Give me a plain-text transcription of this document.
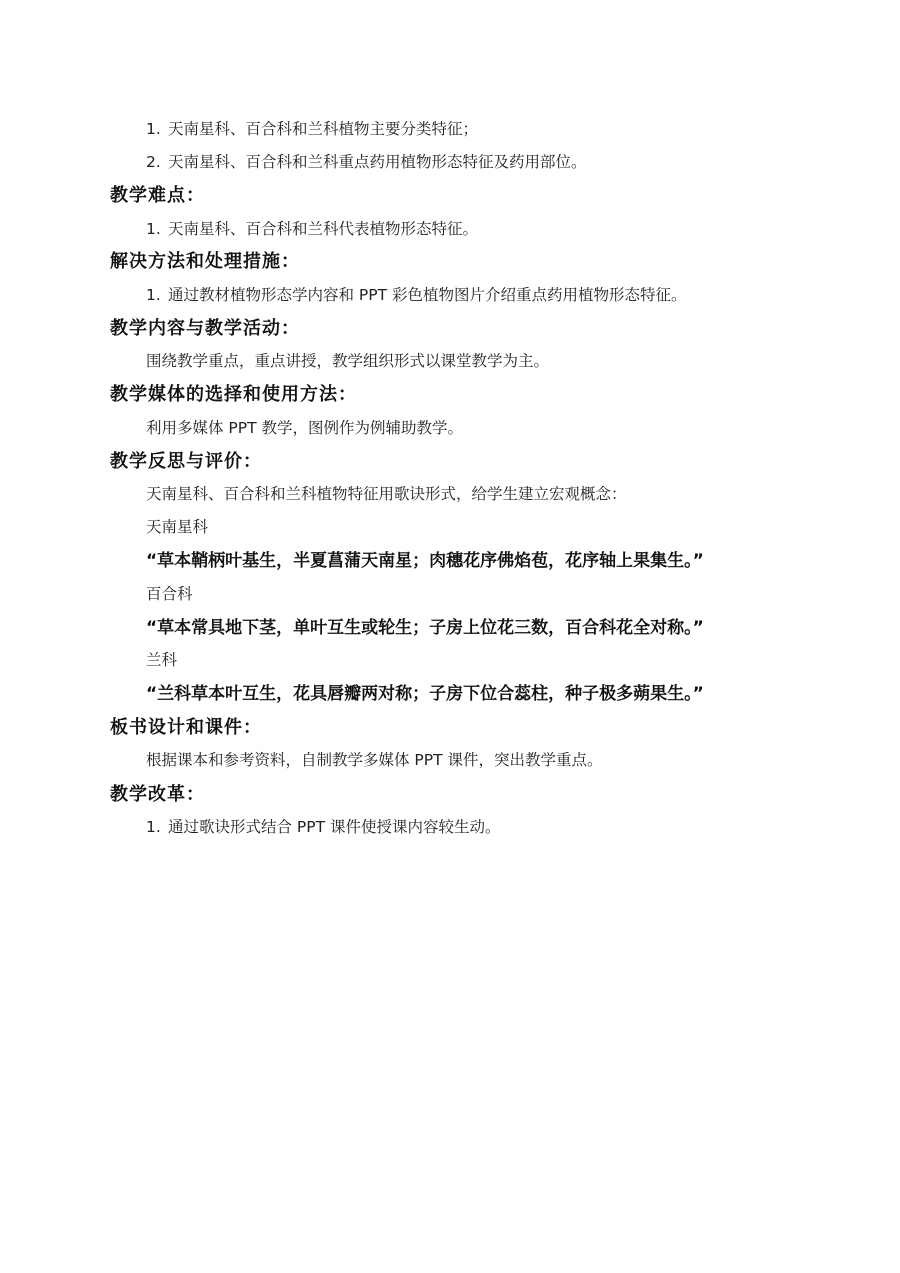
1. 天南星科、百合科和兰科植物主要分类特征；
2. 天南星科、百合科和兰科重点药用植物形态特征及药用部位。
教学难点：
1. 天南星科、百合科和兰科代表植物形态特征。
解决方法和处理措施：
1. 通过教材植物形态学内容和 PPT 彩色植物图片介绍重点药用植物形态特征。
教学内容与教学活动：
围绕教学重点，重点讲授，教学组织形式以课堂教学为主。
教学媒体的选择和使用方法：
利用多媒体 PPT 教学，图例作为例辅助教学。
教学反思与评价：
天南星科、百合科和兰科植物特征用歌诀形式，给学生建立宏观概念：
天南星科
“草本鞘柄叶基生，半夏菖蒲天南星；肉穗花序佛焰苞，花序轴上果集生。”
百合科
“草本常具地下茎，单叶互生或轮生；子房上位花三数，百合科花全对称。”
兰科
“兰科草本叶互生，花具唇瓣两对称；子房下位合蕊柱，种子极多蒴果生。”
板书设计和课件：
根据课本和参考资料，自制教学多媒体 PPT 课件，突出教学重点。
教学改革：
1. 通过歌诀形式结合 PPT 课件使授课内容较生动。
